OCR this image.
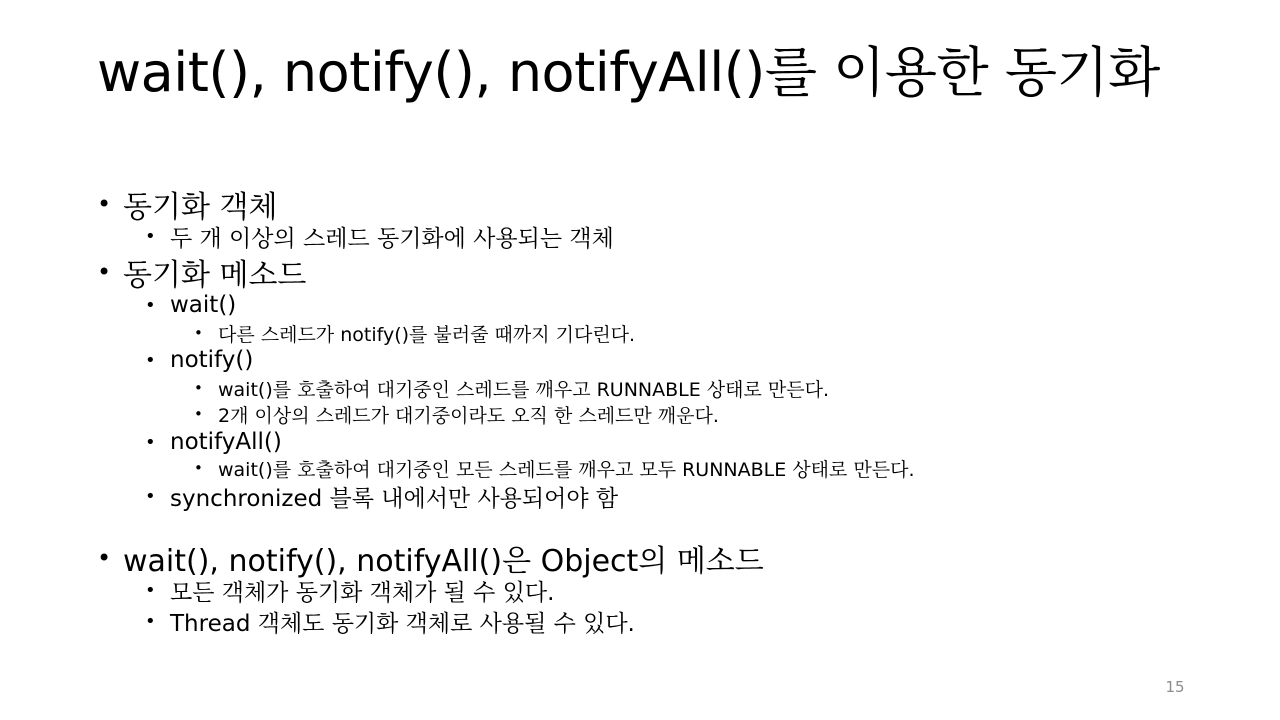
wait(), notify(), notifyAll()를 이용한 동기화
• 동기화 객체
• 두 개 이상의 스레드 동기화에 사용되는 객체
• 동기화 메소드
• wait()
• 다른 스레드가 notify()를 불러줄 때까지 기다린다.
• notify()
• wait()를 호출하여 대기중인 스레드를 깨우고 RUNNABLE 상태로 만든다.
• 2개 이상의 스레드가 대기중이라도 오직 한 스레드만 깨운다.
• notifyAll()
• wait()를 호출하여 대기중인 모든 스레드를 깨우고 모두 RUNNABLE 상태로 만든다.
• synchronized 블록 내에서만 사용되어야 함
• wait(), notify(), notifyAll()은 Object의 메소드
• 모든 객체가 동기화 객체가 될 수 있다.
• Thread 객체도 동기화 객체로 사용될 수 있다.
15
